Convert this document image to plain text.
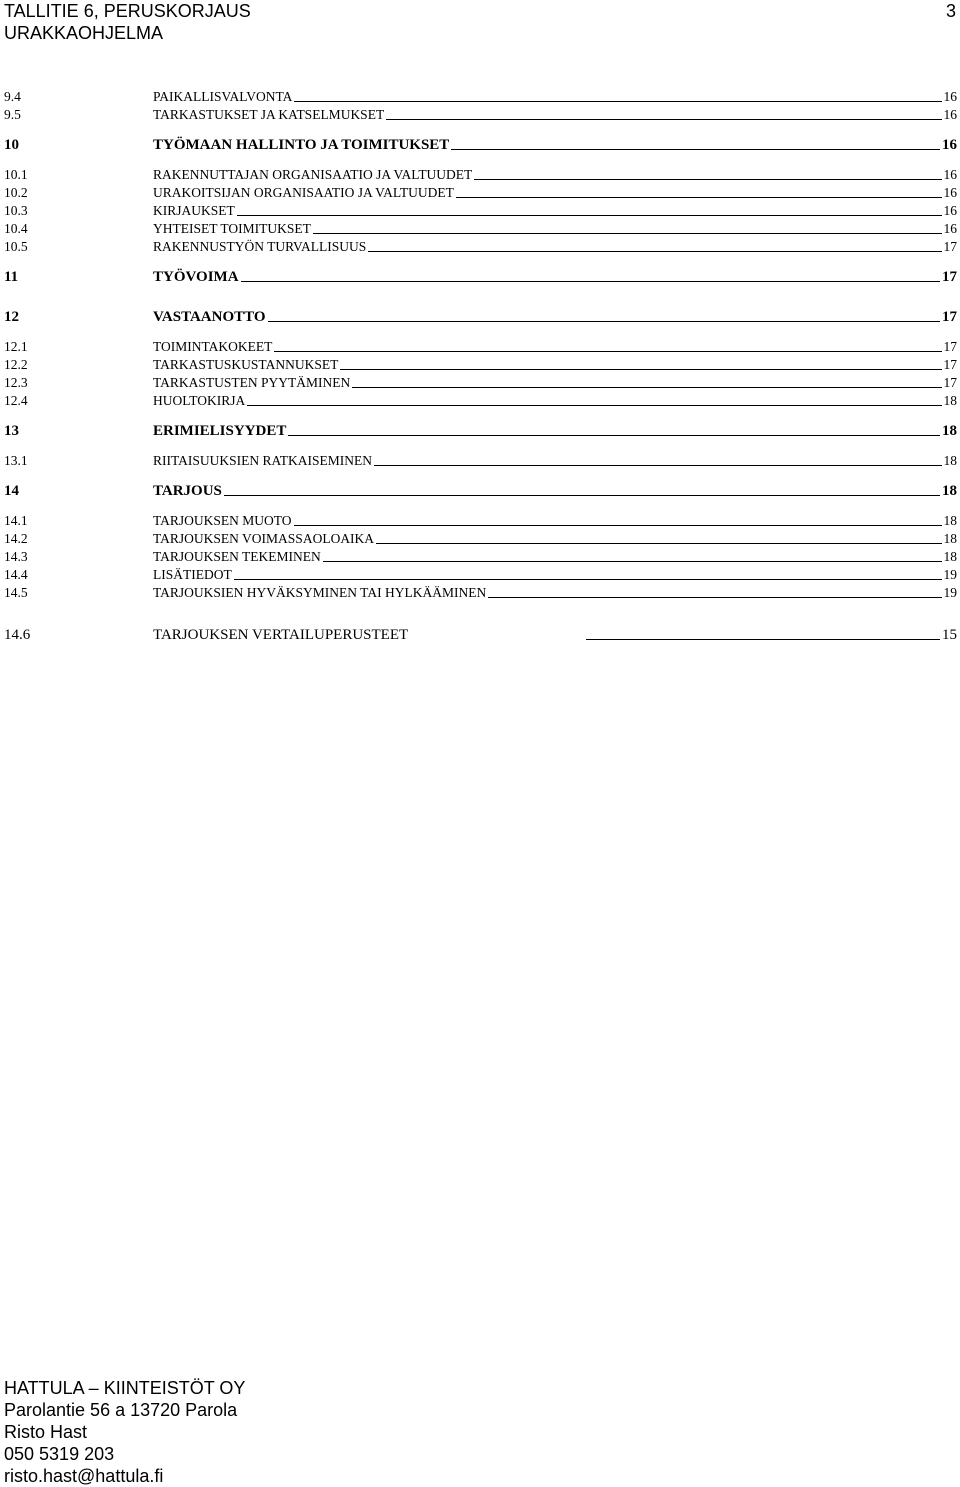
TALLITIE 6, PERUSKORJAUS	3
URAKKAOHJELMA
9.4	PAIKALLISVALVONTA	16
9.5	TARKASTUKSET JA KATSELMUKSET	16
10	TYÖMAAN HALLINTO JA TOIMITUKSET	16
10.1	RAKENNUTTAJAN ORGANISAATIO JA VALTUUDET	16
10.2	URAKOITSIJAN ORGANISAATIO JA VALTUUDET	16
10.3	KIRJAUKSET	16
10.4	YHTEISET TOIMITUKSET	16
10.5	RAKENNUSTYÖN TURVALLISUUS	17
11	TYÖVOIMA	17
12	VASTAANOTTO	17
12.1	TOIMINTAKOKEET	17
12.2	TARKASTUSKUSTANNUKSET	17
12.3	TARKASTUSTEN PYYTÄMINEN	17
12.4	HUOLTOKIRJA	18
13	ERIMIELISYYDET	18
13.1	RIITAISUUKSIEN RATKAISEMINEN	18
14	TARJOUS	18
14.1	TARJOUKSEN MUOTO	18
14.2	TARJOUKSEN VOIMASSAOLOAIKA	18
14.3	TARJOUKSEN TEKEMINEN	18
14.4	LISÄTIEDOT	19
14.5	TARJOUKSIEN HYVÄKSYMINEN TAI HYLKÄÄMINEN	19
14.6	TARJOUKSEN VERTAILUPERUSTEET	15
HATTULA – KIINTEISTÖT OY
Parolantie 56 a 13720 Parola
Risto Hast
050 5319 203
risto.hast@hattula.fi
